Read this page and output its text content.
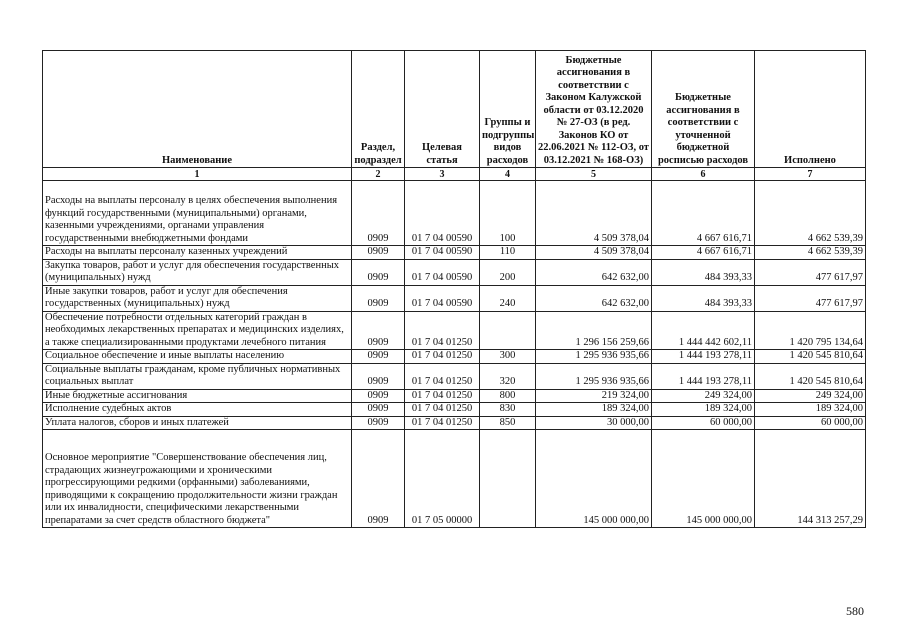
Наименование	Раздел, подраздел	Целевая статья	Группы и подгруппы видов расходов	Бюджетные ассигнования в соответствии с Законом Калужской области от 03.12.2020 № 27-ОЗ (в ред. Законов КО от 22.06.2021 № 112-ОЗ, от 03.12.2021 № 168-ОЗ)	Бюджетные ассигнования в соответствии с уточненной бюджетной росписью расходов	Исполнено
1	2	3	4	5	6	7
Расходы на выплаты персоналу в целях обеспечения выполнения функций государственными (муниципальными) органами, казенными учреждениями, органами управления государственными внебюджетными фондами	0909	01 7 04 00590	100	4 509 378,04	4 667 616,71	4 662 539,39
Расходы на выплаты персоналу казенных учреждений	0909	01 7 04 00590	110	4 509 378,04	4 667 616,71	4 662 539,39
Закупка товаров, работ и услуг для обеспечения государственных (муниципальных) нужд	0909	01 7 04 00590	200	642 632,00	484 393,33	477 617,97
Иные закупки товаров, работ и услуг для обеспечения государственных (муниципальных) нужд	0909	01 7 04 00590	240	642 632,00	484 393,33	477 617,97
Обеспечение потребности отдельных категорий граждан в необходимых лекарственных препаратах и медицинских изделиях, а также специализированными продуктами лечебного питания	0909	01 7 04 01250		1 296 156 259,66	1 444 442 602,11	1 420 795 134,64
Социальное обеспечение и иные выплаты населению	0909	01 7 04 01250	300	1 295 936 935,66	1 444 193 278,11	1 420 545 810,64
Социальные выплаты гражданам, кроме публичных нормативных социальных выплат	0909	01 7 04 01250	320	1 295 936 935,66	1 444 193 278,11	1 420 545 810,64
Иные бюджетные ассигнования	0909	01 7 04 01250	800	219 324,00	249 324,00	249 324,00
Исполнение судебных актов	0909	01 7 04 01250	830	189 324,00	189 324,00	189 324,00
Уплата налогов, сборов и иных платежей	0909	01 7 04 01250	850	30 000,00	60 000,00	60 000,00
Основное мероприятие "Совершенствование обеспечения лиц, страдающих жизнеугрожающими и хроническими прогрессирующими редкими (орфанными) заболеваниями, приводящими к сокращению продолжительности жизни граждан или их инвалидности, специфическими лекарственными препаратами за счет средств областного бюджета"	0909	01 7 05 00000		145 000 000,00	145 000 000,00	144 313 257,29
580
